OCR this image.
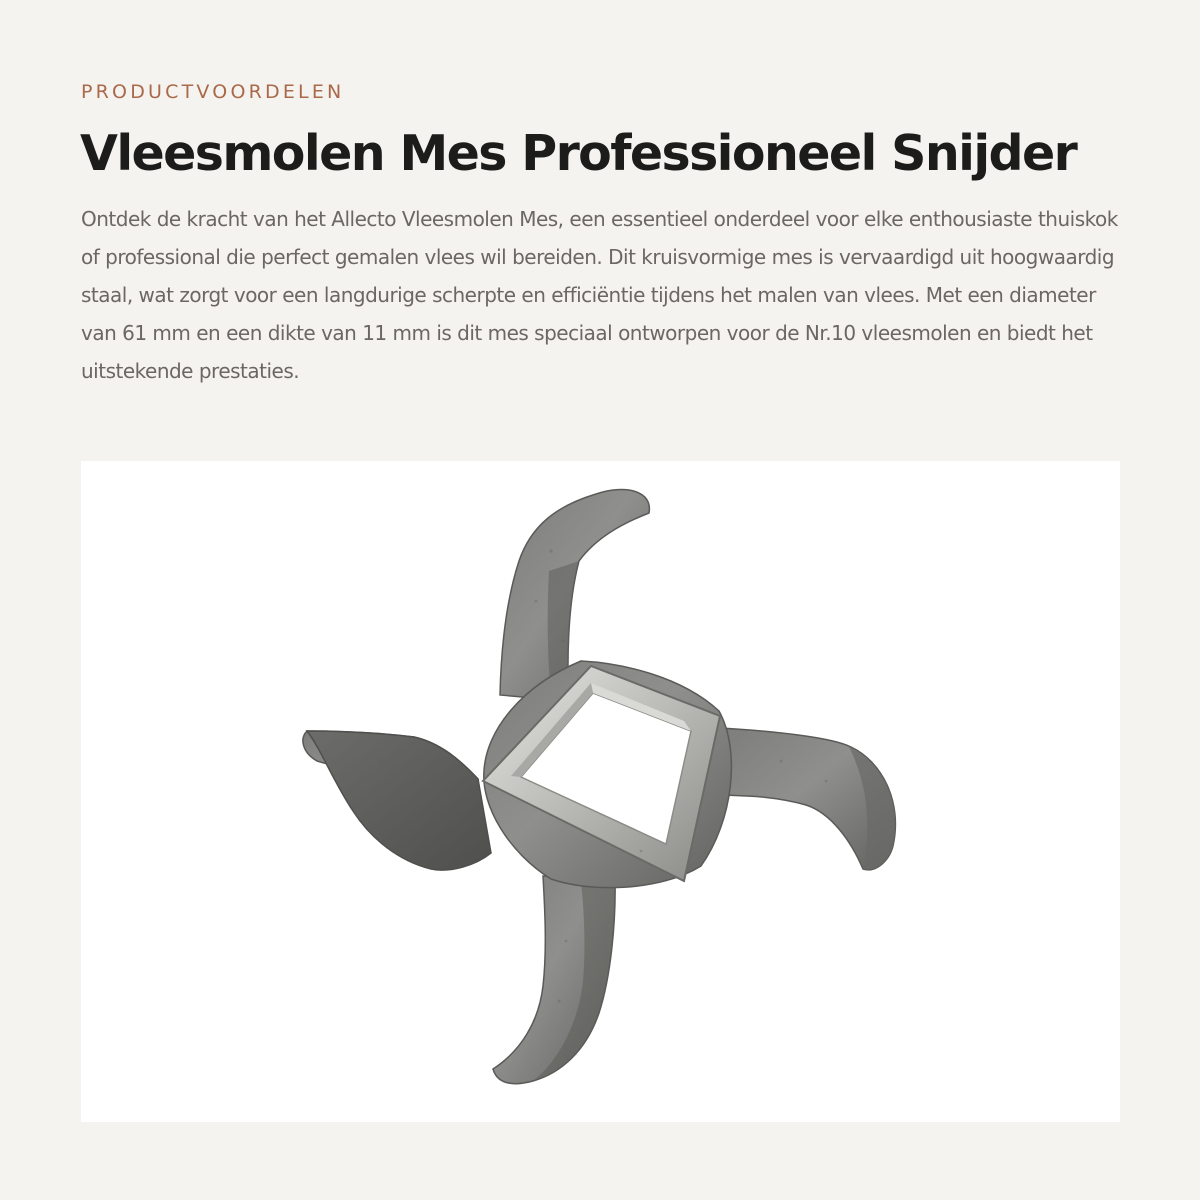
PRODUCTVOORDELEN
Vleesmolen Mes Professioneel Snijder

Ontdek de kracht van het Allecto Vleesmolen Mes, een essentieel onderdeel voor elke enthousiaste thuiskok of professional die perfect gemalen vlees wil bereiden. Dit kruisvormige mes is vervaardigd uit hoogwaardig staal, wat zorgt voor een langdurige scherpte en efficiëntie tijdens het malen van vlees. Met een diameter van 61 mm en een dikte van 11 mm is dit mes speciaal ontworpen voor de Nr.10 vleesmolen en biedt het uitstekende prestaties.
